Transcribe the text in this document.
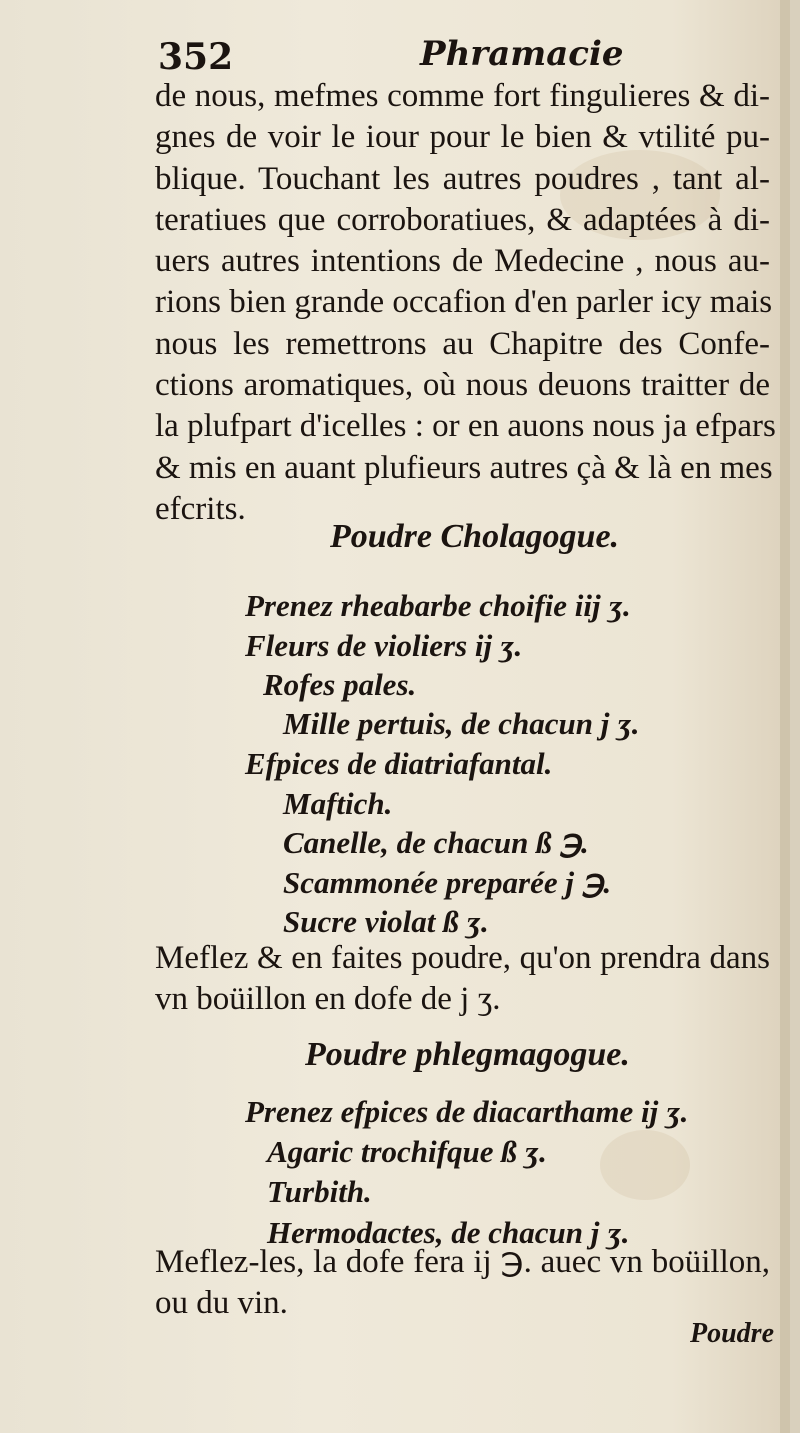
352	Phramacie
de nous, mefmes comme fort fingulieres & di-
gnes de voir le iour pour le bien & vtilité pu-
blique. Touchant les autres poudres , tant al-
teratiues que corroboratiues, & adaptées à di-
uers autres intentions de Medecine , nous au-
rions bien grande occafion d'en parler icy mais
nous les remettrons au Chapitre des Confe-
ctions aromatiques, où nous deuons traitter de
la plufpart d'icelles : or en auons nous ja efpars
& mis en auant plufieurs autres çà & là en mes
efcrits.
Poudre Cholagogue.
Prenez rheabarbe choifie iij ʒ.
Fleurs de violiers ij ʒ.
Rofes pales.
Mille pertuis, de chacun j ʒ.
Efpices de diatriafantal.
Maftich.
Canelle, de chacun ß ℈.
Scammonée preparée j ℈.
Sucre violat ß ʒ.
Meflez & en faites poudre, qu'on prendra dans
vn boüillon en dofe de j ʒ.
Poudre phlegmagogue.
Prenez efpices de diacarthame ij ʒ.
Agaric trochifque ß ʒ.
Turbith.
Hermodactes, de chacun j ʒ.
Meflez-les, la dofe fera ij ℈. auec vn boüillon,
ou du vin.
Poudre
